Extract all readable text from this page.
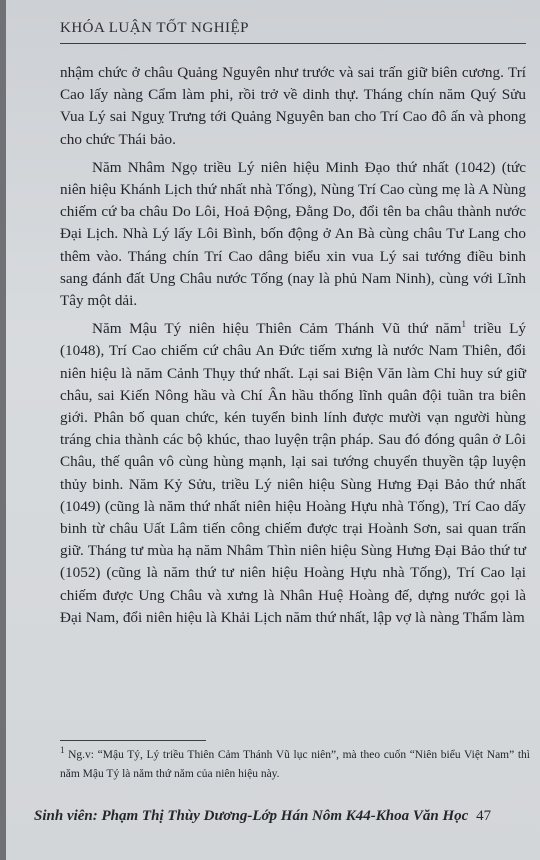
KHÓA LUẬN TỐT NGHIỆP

nhậm chức ở châu Quảng Nguyên như trước và sai trấn giữ biên cương. Trí Cao lấy nàng Cẩm làm phi, rồi trở về dinh thự. Tháng chín năm Quý Sửu Vua Lý sai Nguỵ Trưng tới Quảng Nguyên ban cho Trí Cao đô ấn và phong cho chức Thái bảo.

Năm Nhâm Ngọ triều Lý niên hiệu Minh Đạo thứ nhất (1042) (tức niên hiệu Khánh Lịch thứ nhất nhà Tống), Nùng Trí Cao cùng mẹ là A Nùng chiếm cứ ba châu Do Lôi, Hoả Động, Đằng Do, đổi tên ba châu thành nước Đại Lịch. Nhà Lý lấy Lôi Bình, bốn động ở An Bà cùng châu Tư Lang cho thêm vào. Tháng chín Trí Cao dâng biểu xin vua Lý sai tướng điều binh sang đánh đất Ung Châu nước Tống (nay là phủ Nam Ninh), cùng với Lĩnh Tây một dải.

Năm Mậu Tý niên hiệu Thiên Cảm Thánh Vũ thứ năm$^1$ triều Lý (1048), Trí Cao chiếm cứ châu An Đức tiếm xưng là nước Nam Thiên, đổi niên hiệu là năm Cảnh Thụy thứ nhất. Lại sai Biện Văn làm Chỉ huy sứ giữ châu, sai Kiến Nông hầu và Chí Ân hầu thống lĩnh quân đội tuần tra biên giới. Phân bố quan chức, kén tuyển binh lính được mười vạn người hùng tráng chia thành các bộ khúc, thao luyện trận pháp. Sau đó đóng quân ở Lôi Châu, thế quân vô cùng hùng mạnh, lại sai tướng chuyển thuyền tập luyện thủy binh. Năm Kỷ Sửu, triều Lý niên hiệu Sùng Hưng Đại Bảo thứ nhất (1049) (cũng là năm thứ nhất niên hiệu Hoàng Hựu nhà Tống), Trí Cao dấy binh từ châu Uất Lâm tiến công chiếm được trại Hoành Sơn, sai quan trấn giữ. Tháng tư mùa hạ năm Nhâm Thìn niên hiệu Sùng Hưng Đại Bảo thứ tư (1052) (cũng là năm thứ tư niên hiệu Hoàng Hựu nhà Tống), Trí Cao lại chiếm được Ung Châu và xưng là Nhân Huệ Hoàng đế, dựng nước gọi là Đại Nam, đổi niên hiệu là Khải Lịch năm thứ nhất, lập vợ là nàng Thẩm làm

$^1$ Ng.v: “Mậu Tý, Lý triều Thiên Cảm Thánh Vũ lục niên”, mà theo cuốn “Niên biểu Việt Nam” thì năm Mậu Tý là năm thứ năm của niên hiệu này.
Sinh viên: Phạm Thị Thùy Dương-Lớp Hán Nôm K44-Khoa Văn Học 47
